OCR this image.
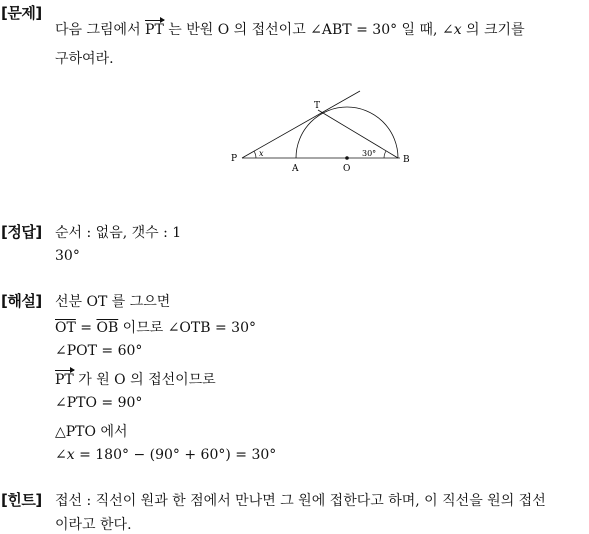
[문제]
다음 그림에서 PT 는 반원 O 의 접선이고 ∠ABT = 30° 일 때, ∠x 의 크기를
구하여라.
T
P
A	O
B
x	30°
[정답] 순서 : 없음, 갯수 : 1
30°
[해설] 선분 OT 를 그으면
$\overline{OT} = \overline{OB}$ 이므로 ∠OTB = 30°
∠POT = 60°
PT 가 원 O 의 접선이므로
∠PTO = 90°
△PTO 에서
∠x = 180° − (90° + 60°) = 30°
[힌트] 접선 : 직선이 원과 한 점에서 만나면 그 원에 접한다고 하며, 이 직선을 원의 접선
이라고 한다.
